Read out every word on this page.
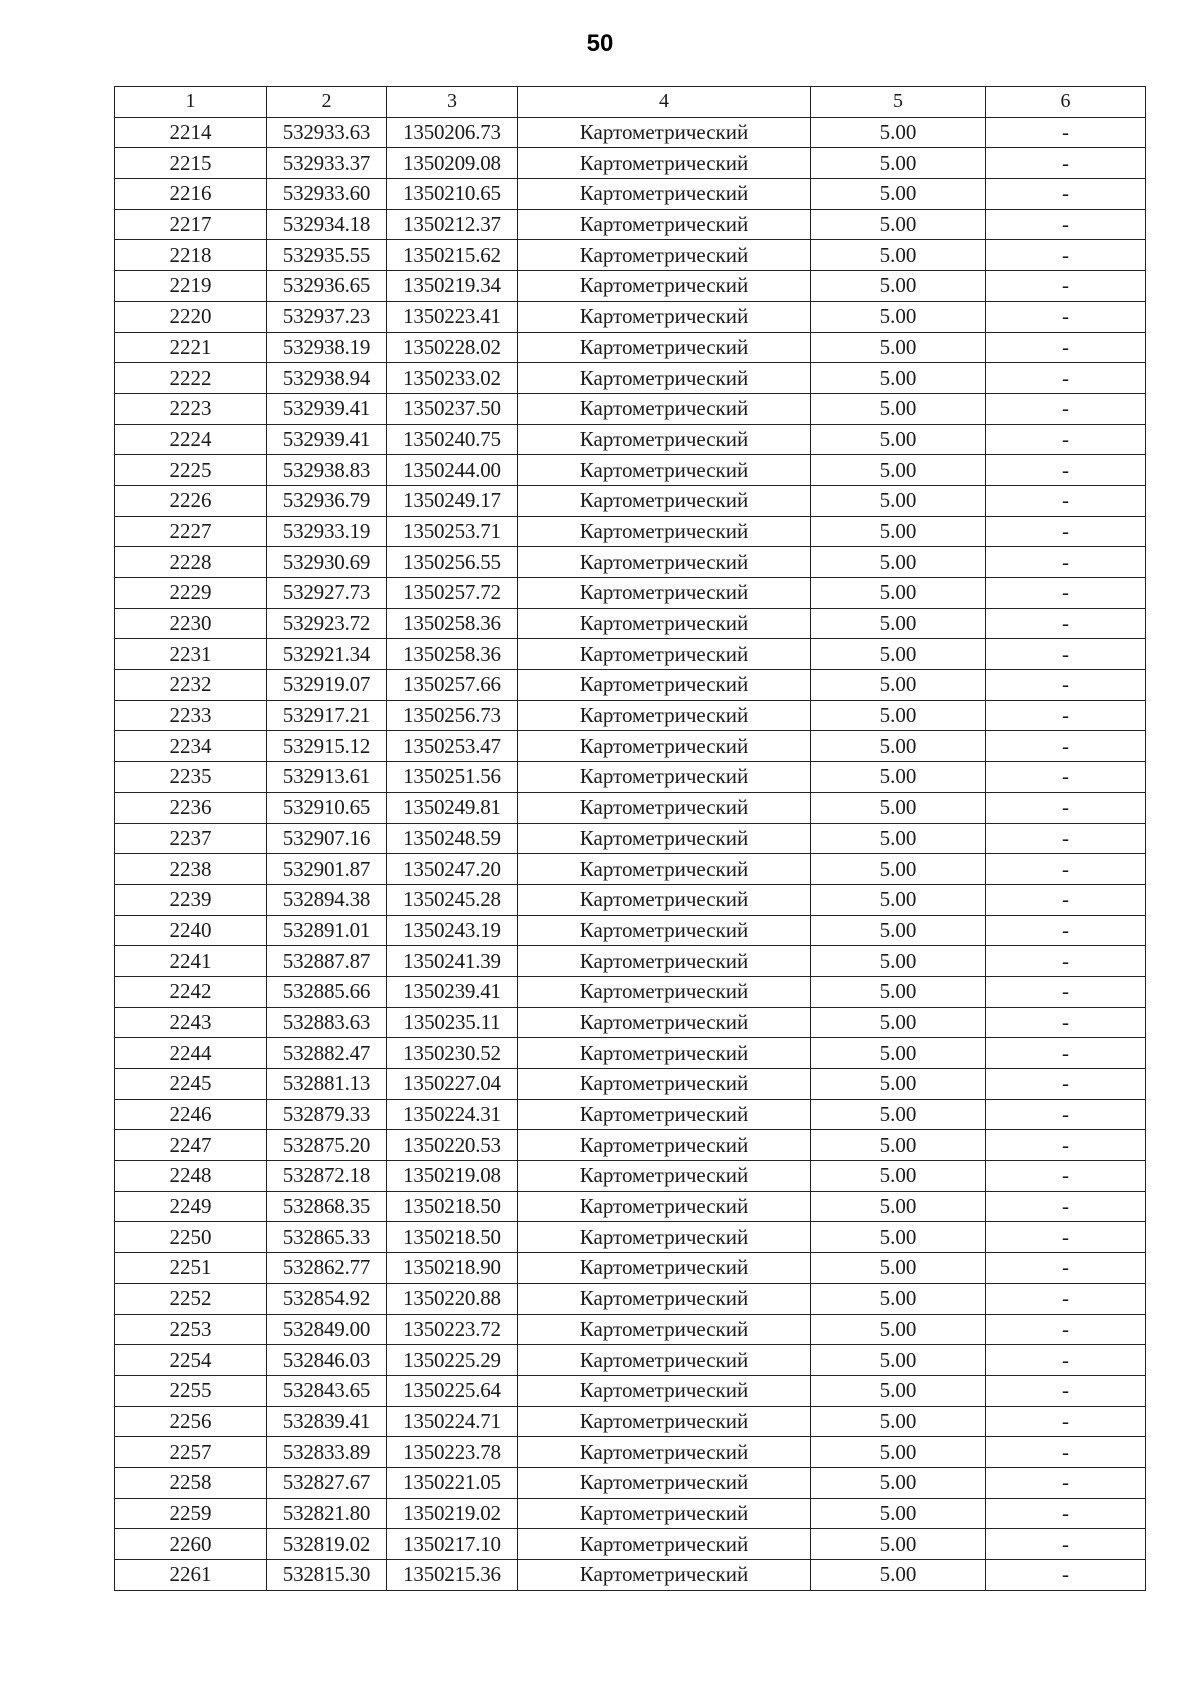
50
1	2	3	4	5	6
2214	532933.63	1350206.73	Картометрический	5.00	-
2215	532933.37	1350209.08	Картометрический	5.00	-
2216	532933.60	1350210.65	Картометрический	5.00	-
2217	532934.18	1350212.37	Картометрический	5.00	-
2218	532935.55	1350215.62	Картометрический	5.00	-
2219	532936.65	1350219.34	Картометрический	5.00	-
2220	532937.23	1350223.41	Картометрический	5.00	-
2221	532938.19	1350228.02	Картометрический	5.00	-
2222	532938.94	1350233.02	Картометрический	5.00	-
2223	532939.41	1350237.50	Картометрический	5.00	-
2224	532939.41	1350240.75	Картометрический	5.00	-
2225	532938.83	1350244.00	Картометрический	5.00	-
2226	532936.79	1350249.17	Картометрический	5.00	-
2227	532933.19	1350253.71	Картометрический	5.00	-
2228	532930.69	1350256.55	Картометрический	5.00	-
2229	532927.73	1350257.72	Картометрический	5.00	-
2230	532923.72	1350258.36	Картометрический	5.00	-
2231	532921.34	1350258.36	Картометрический	5.00	-
2232	532919.07	1350257.66	Картометрический	5.00	-
2233	532917.21	1350256.73	Картометрический	5.00	-
2234	532915.12	1350253.47	Картометрический	5.00	-
2235	532913.61	1350251.56	Картометрический	5.00	-
2236	532910.65	1350249.81	Картометрический	5.00	-
2237	532907.16	1350248.59	Картометрический	5.00	-
2238	532901.87	1350247.20	Картометрический	5.00	-
2239	532894.38	1350245.28	Картометрический	5.00	-
2240	532891.01	1350243.19	Картометрический	5.00	-
2241	532887.87	1350241.39	Картометрический	5.00	-
2242	532885.66	1350239.41	Картометрический	5.00	-
2243	532883.63	1350235.11	Картометрический	5.00	-
2244	532882.47	1350230.52	Картометрический	5.00	-
2245	532881.13	1350227.04	Картометрический	5.00	-
2246	532879.33	1350224.31	Картометрический	5.00	-
2247	532875.20	1350220.53	Картометрический	5.00	-
2248	532872.18	1350219.08	Картометрический	5.00	-
2249	532868.35	1350218.50	Картометрический	5.00	-
2250	532865.33	1350218.50	Картометрический	5.00	-
2251	532862.77	1350218.90	Картометрический	5.00	-
2252	532854.92	1350220.88	Картометрический	5.00	-
2253	532849.00	1350223.72	Картометрический	5.00	-
2254	532846.03	1350225.29	Картометрический	5.00	-
2255	532843.65	1350225.64	Картометрический	5.00	-
2256	532839.41	1350224.71	Картометрический	5.00	-
2257	532833.89	1350223.78	Картометрический	5.00	-
2258	532827.67	1350221.05	Картометрический	5.00	-
2259	532821.80	1350219.02	Картометрический	5.00	-
2260	532819.02	1350217.10	Картометрический	5.00	-
2261	532815.30	1350215.36	Картометрический	5.00	-
